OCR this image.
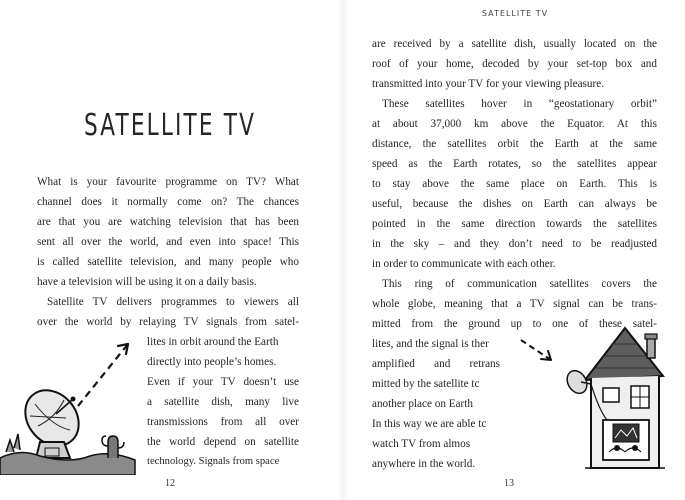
SATELLITE TV
What is your favourite programme on TV? What
channel does it normally come on? The chances
are that you are watching television that has been
sent all over the world, and even into space! This
is called satellite television, and many people who
have a television will be using it on a daily basis.
Satellite TV delivers programmes to viewers all
over the world by relaying TV signals from satel-
lites in orbit around the Earth
directly into people’s homes.
Even if your TV doesn’t use
a satellite dish, many live
transmissions from all over
the world depend on satellite
technology. Signals from space
12
SATELLITE TV
are received by a satellite dish, usually located on the
roof of your home, decoded by your set-top box and
transmitted into your TV for your viewing pleasure.
These satellites hover in “geostationary orbit”
at about 37,000 km above the Equator. At this
distance, the satellites orbit the Earth at the same
speed as the Earth rotates, so the satellites appear
to stay above the same place on Earth. This is
useful, because the dishes on Earth can always be
pointed in the same direction towards the satellites
in the sky – and they don’t need to be readjusted
in order to communicate with each other.
This ring of communication satellites covers the
whole globe, meaning that a TV signal can be trans-
mitted from the ground up to one of these satel-
lites, and the signal is ther
amplified and retrans
mitted by the satellite tc
another place on Earth
In this way we are able tc
watch TV from almos
anywhere in the world.
13
